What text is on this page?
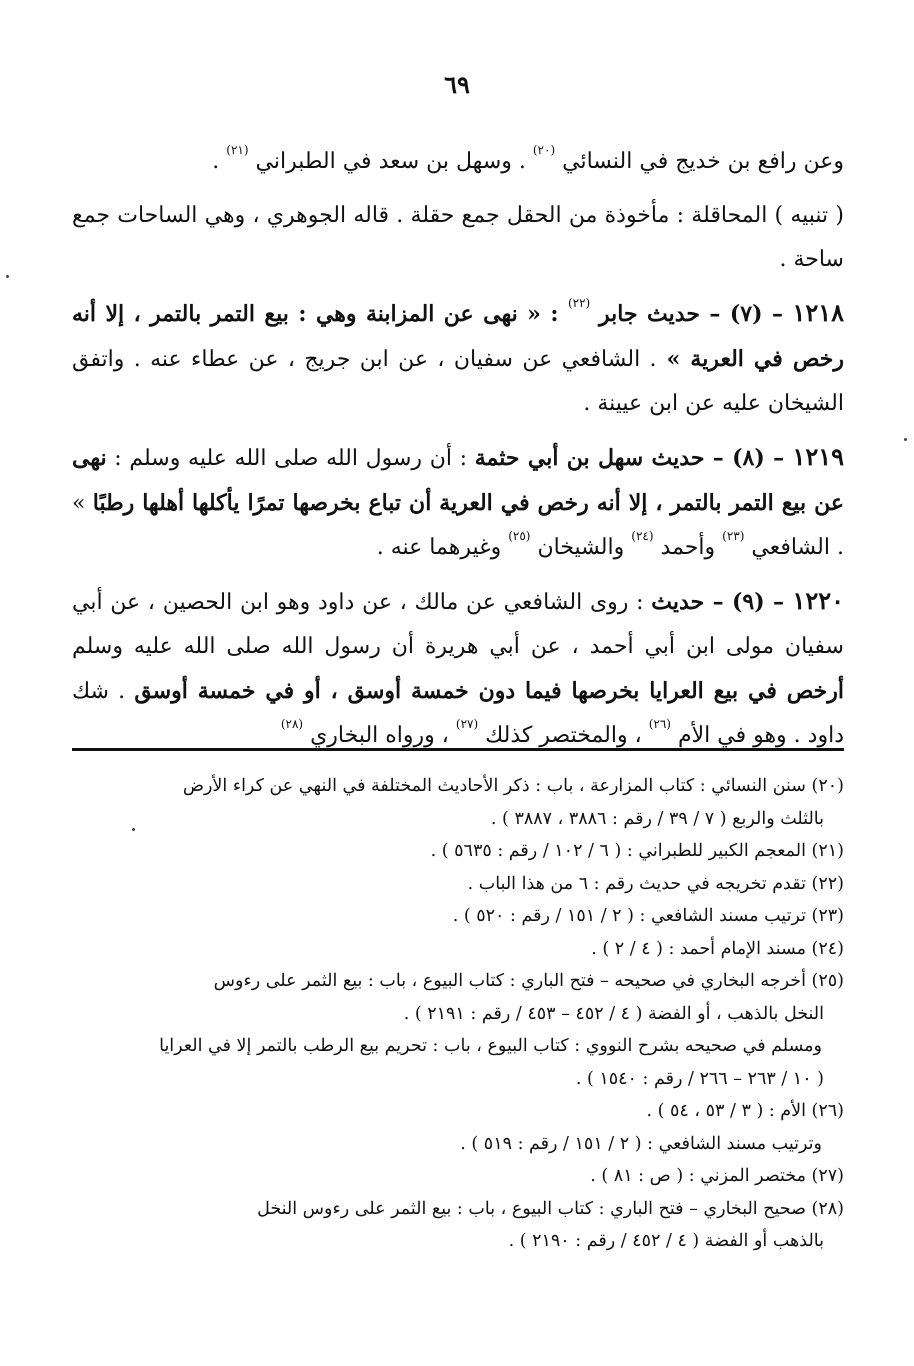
٦٩

وعن رافع بن خديج في النسائي $^{(٢٠)}$ . وسهل بن سعد في الطبراني $^{(٢١)}$ .

( تنبيه ) المحاقلة : مأخوذة من الحقل جمع حقلة . قاله الجوهري ، وهي الساحات جمع ساحة .

١٢١٨ – (٧) – حديث جابر $^{(٢٢)}$ : « نهى عن المزابنة وهي : بيع التمر بالتمر ، إلا أنه رخص في العرية » . الشافعي عن سفيان ، عن ابن جريج ، عن عطاء عنه . واتفق الشيخان عليه عن ابن عيينة .

١٢١٩ – (٨) – حديث سهل بن أبي حثمة : أن رسول الله صلى الله عليه وسلم : نهى عن بيع التمر بالتمر ، إلا أنه رخص في العرية أن تباع بخرصها تمرًا يأكلها أهلها رطبًا » . الشافعي $^{(٢٣)}$ وأحمد $^{(٢٤)}$ والشيخان $^{(٢٥)}$ وغيرهما عنه .

١٢٢٠ – (٩) – حديث : روى الشافعي عن مالك ، عن داود وهو ابن الحصين ، عن أبي سفيان مولى ابن أبي أحمد ، عن أبي هريرة أن رسول الله صلى الله عليه وسلم أرخص في بيع العرايا بخرصها فيما دون خمسة أوسق ، أو في خمسة أوسق . شك داود . وهو في الأم $^{(٢٦)}$ ، والمختصر كذلك $^{(٢٧)}$ ، ورواه البخاري $^{(٢٨)}$

(٢٠) سنن النسائي : كتاب المزارعة ، باب : ذكر الأحاديث المختلفة في النهي عن كراء الأرض

بالثلث والربع ( ٧ / ٣٩ / رقم : ٣٨٨٦ ، ٣٨٨٧ ) .

(٢١) المعجم الكبير للطبراني : ( ٦ / ١٠٢ / رقم : ٥٦٣٥ ) .

(٢٢) تقدم تخريجه في حديث رقم : ٦ من هذا الباب .

(٢٣) ترتيب مسند الشافعي : ( ٢ / ١٥١ / رقم : ٥٢٠ ) .

(٢٤) مسند الإمام أحمد : ( ٤ / ٢ ) .

(٢٥) أخرجه البخاري في صحيحه – فتح الباري : كتاب البيوع ، باب : بيع الثمر على رءوس

النخل بالذهب ، أو الفضة ( ٤ / ٤٥٢ – ٤٥٣ / رقم : ٢١٩١ ) .

ومسلم في صحيحه بشرح النووي : كتاب البيوع ، باب : تحريم بيع الرطب بالتمر إلا في العرايا

( ١٠ / ٢٦٣ – ٢٦٦ / رقم : ١٥٤٠ ) .

(٢٦) الأم : ( ٣ / ٥٣ ، ٥٤ ) .

وترتيب مسند الشافعي : ( ٢ / ١٥١ / رقم : ٥١٩ ) .

(٢٧) مختصر المزني : ( ص : ٨١ ) .

(٢٨) صحيح البخاري – فتح الباري : كتاب البيوع ، باب : بيع الثمر على رءوس النخل

بالذهب أو الفضة ( ٤ / ٤٥٢ / رقم : ٢١٩٠ ) .
